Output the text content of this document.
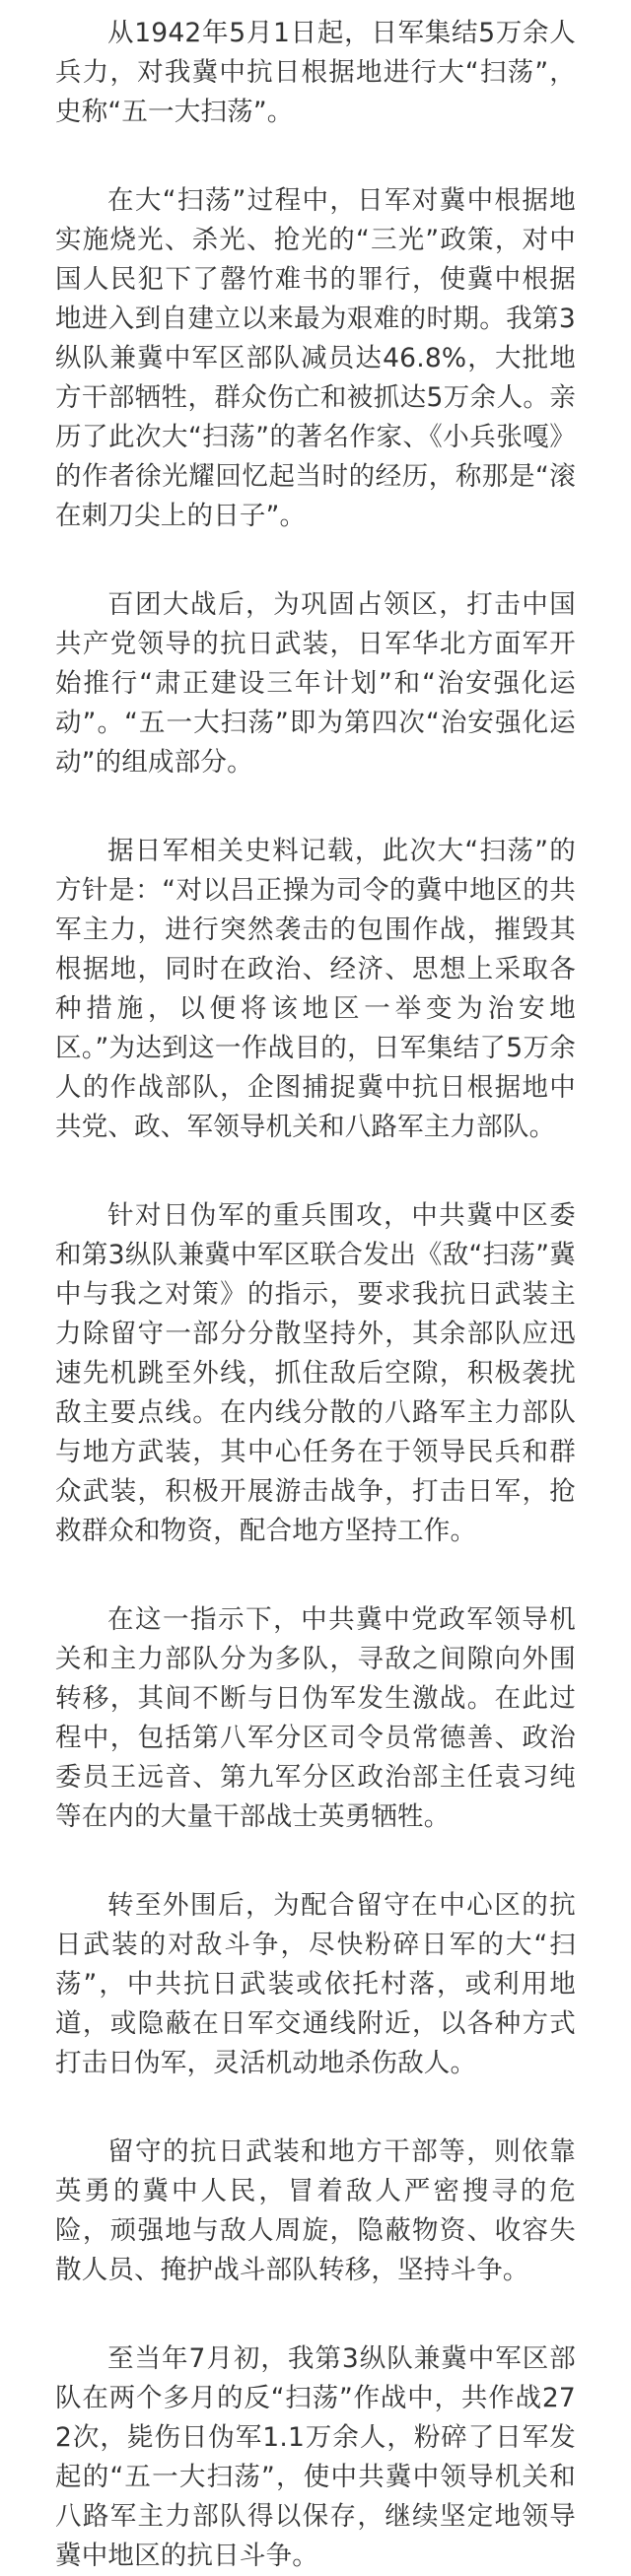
从1942年5月1日起，日军集结5万余人兵力，对我冀中抗日根据地进行大“扫荡”，史称“五一大扫荡”。

在大“扫荡”过程中，日军对冀中根据地实施烧光、杀光、抢光的“三光”政策，对中国人民犯下了罄竹难书的罪行，使冀中根据地进入到自建立以来最为艰难的时期。我第3纵队兼冀中军区部队减员达46.8%，大批地方干部牺牲，群众伤亡和被抓达5万余人。亲历了此次大“扫荡”的著名作家、《小兵张嘎》的作者徐光耀回忆起当时的经历，称那是“滚在刺刀尖上的日子”。

百团大战后，为巩固占领区，打击中国共产党领导的抗日武装，日军华北方面军开始推行“肃正建设三年计划”和“治安强化运动”。“五一大扫荡”即为第四次“治安强化运动”的组成部分。

据日军相关史料记载，此次大“扫荡”的方针是：“对以吕正操为司令的冀中地区的共军主力，进行突然袭击的包围作战，摧毁其根据地，同时在政治、经济、思想上采取各种措施，以便将该地区一举变为治安地区。”为达到这一作战目的，日军集结了5万余人的作战部队，企图捕捉冀中抗日根据地中共党、政、军领导机关和八路军主力部队。

针对日伪军的重兵围攻，中共冀中区委和第3纵队兼冀中军区联合发出《敌“扫荡”冀中与我之对策》的指示，要求我抗日武装主力除留守一部分分散坚持外，其余部队应迅速先机跳至外线，抓住敌后空隙，积极袭扰敌主要点线。在内线分散的八路军主力部队与地方武装，其中心任务在于领导民兵和群众武装，积极开展游击战争，打击日军，抢救群众和物资，配合地方坚持工作。

在这一指示下，中共冀中党政军领导机关和主力部队分为多队，寻敌之间隙向外围转移，其间不断与日伪军发生激战。在此过程中，包括第八军分区司令员常德善、政治委员王远音、第九军分区政治部主任袁习纯等在内的大量干部战士英勇牺牲。

转至外围后，为配合留守在中心区的抗日武装的对敌斗争，尽快粉碎日军的大“扫荡”，中共抗日武装或依托村落，或利用地道，或隐蔽在日军交通线附近，以各种方式打击日伪军，灵活机动地杀伤敌人。

留守的抗日武装和地方干部等，则依靠英勇的冀中人民，冒着敌人严密搜寻的危险，顽强地与敌人周旋，隐蔽物资、收容失散人员、掩护战斗部队转移，坚持斗争。

至当年7月初，我第3纵队兼冀中军区部队在两个多月的反“扫荡”作战中，共作战272次，毙伤日伪军1.1万余人，粉碎了日军发起的“五一大扫荡”，使中共冀中领导机关和八路军主力部队得以保存，继续坚定地领导冀中地区的抗日斗争。
